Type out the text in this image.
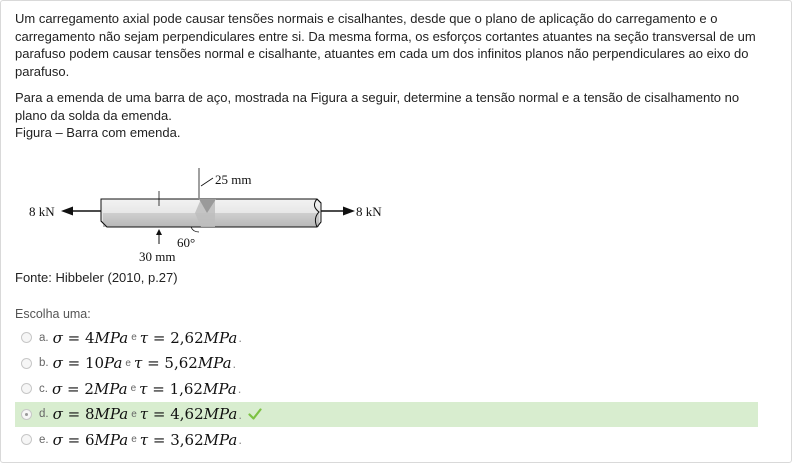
Um carregamento axial pode causar tensões normais e cisalhantes, desde que o plano de aplicação do carregamento e o carregamento não sejam perpendiculares entre si. Da mesma forma, os esforços cortantes atuantes na seção transversal de um parafuso podem causar tensões normal e cisalhante, atuantes em cada um dos infinitos planos não perpendiculares ao eixo do parafuso.

Para a emenda de uma barra de aço, mostrada na Figura a seguir, determine a tensão normal e a tensão de cisalhamento no plano da solda da emenda.
Figura – Barra com emenda.

8 kN	8 kN
25 mm
30 mm
60°

Fonte: Hibbeler (2010, p.27)

Escolha uma:

a. σ = 4MPa e τ = 2,62MPa .
b. σ = 10Pa e τ = 5,62MPa .
c. σ = 2MPa e τ = 1,62MPa .
d. σ = 8MPa e τ = 4,62MPa .
e. σ = 6MPa e τ = 3,62MPa .
